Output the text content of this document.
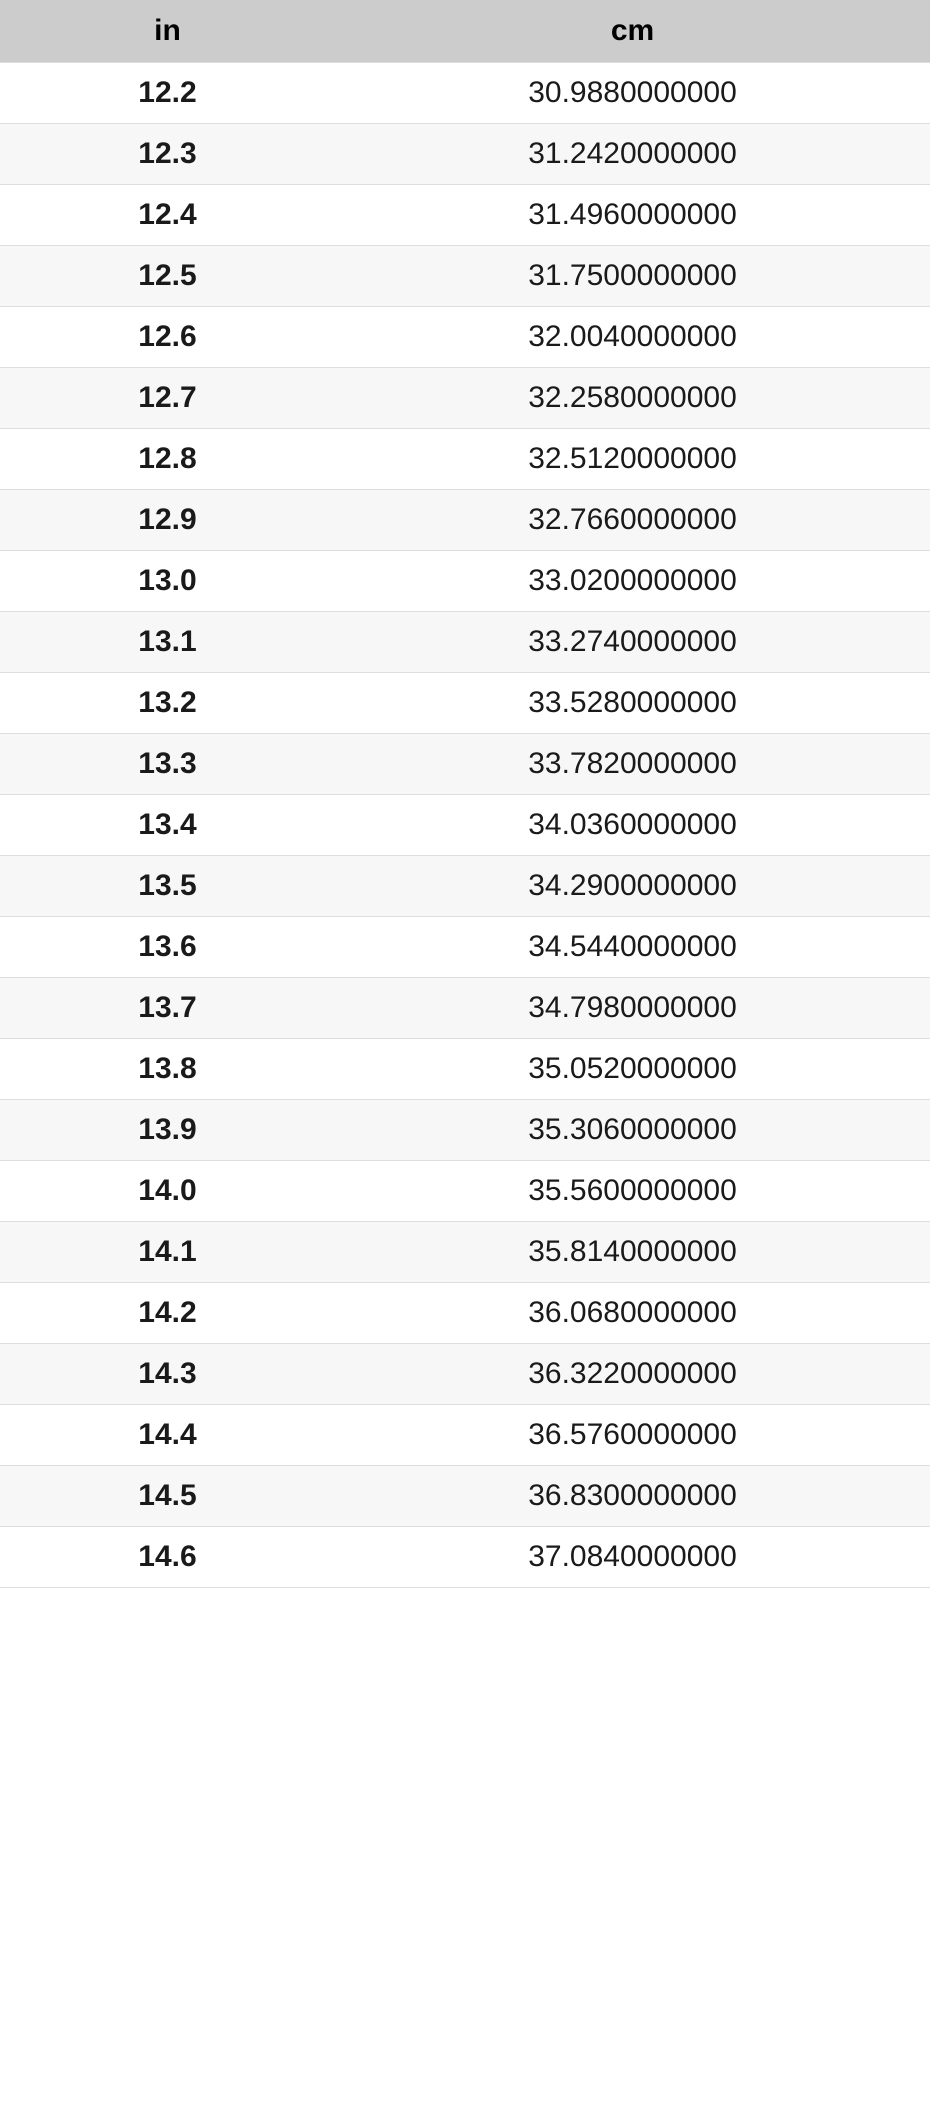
in	cm
12.2	30.9880000000
12.3	31.2420000000
12.4	31.4960000000
12.5	31.7500000000
12.6	32.0040000000
12.7	32.2580000000
12.8	32.5120000000
12.9	32.7660000000
13.0	33.0200000000
13.1	33.2740000000
13.2	33.5280000000
13.3	33.7820000000
13.4	34.0360000000
13.5	34.2900000000
13.6	34.5440000000
13.7	34.7980000000
13.8	35.0520000000
13.9	35.3060000000
14.0	35.5600000000
14.1	35.8140000000
14.2	36.0680000000
14.3	36.3220000000
14.4	36.5760000000
14.5	36.8300000000
14.6	37.0840000000
